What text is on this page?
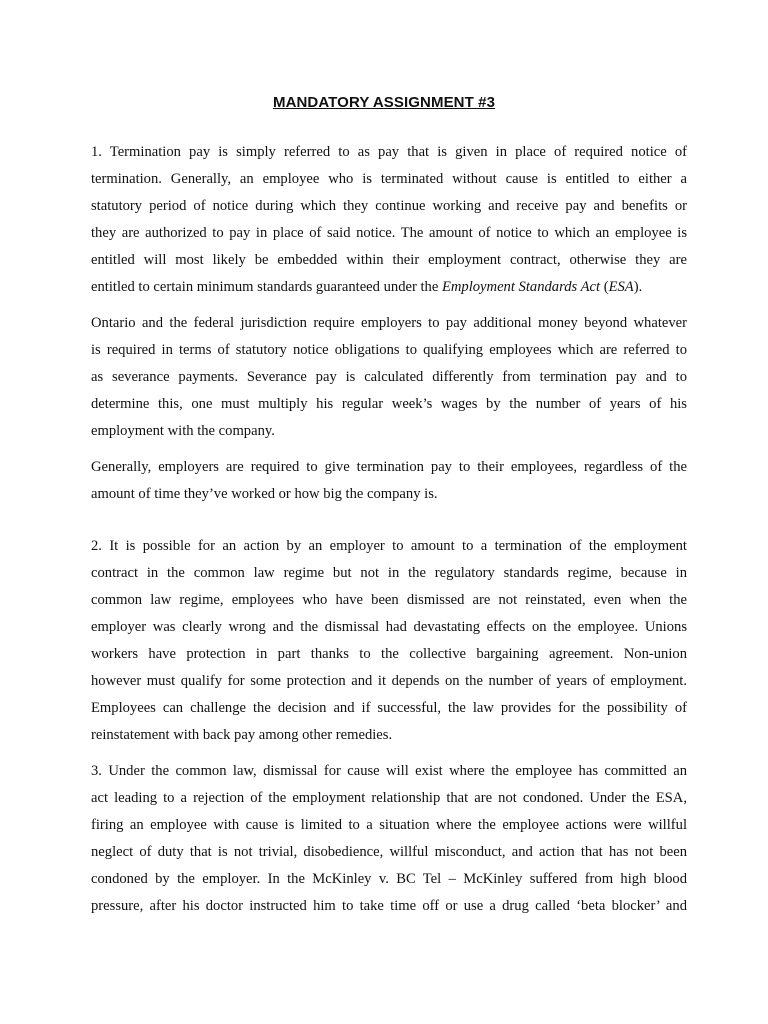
MANDATORY ASSIGNMENT #3
1. Termination pay is simply referred to as pay that is given in place of required notice of
termination. Generally, an employee who is terminated without cause is entitled to either a
statutory period of notice during which they continue working and receive pay and benefits or
they are authorized to pay in place of said notice. The amount of notice to which an employee is
entitled will most likely be embedded within their employment contract, otherwise they are
entitled to certain minimum standards guaranteed under the Employment Standards Act (ESA).
Ontario and the federal jurisdiction require employers to pay additional money beyond whatever
is required in terms of statutory notice obligations to qualifying employees which are referred to
as severance payments. Severance pay is calculated differently from termination pay and to
determine this, one must multiply his regular week’s wages by the number of years of his
employment with the company.
Generally, employers are required to give termination pay to their employees, regardless of the
amount of time they’ve worked or how big the company is.
2. It is possible for an action by an employer to amount to a termination of the employment
contract in the common law regime but not in the regulatory standards regime, because in
common law regime, employees who have been dismissed are not reinstated, even when the
employer was clearly wrong and the dismissal had devastating effects on the employee. Unions
workers have protection in part thanks to the collective bargaining agreement. Non-union
however must qualify for some protection and it depends on the number of years of employment.
Employees can challenge the decision and if successful, the law provides for the possibility of
reinstatement with back pay among other remedies.
3. Under the common law, dismissal for cause will exist where the employee has committed an
act leading to a rejection of the employment relationship that are not condoned. Under the ESA,
firing an employee with cause is limited to a situation where the employee actions were willful
neglect of duty that is not trivial, disobedience, willful misconduct, and action that has not been
condoned by the employer. In the McKinley v. BC Tel – McKinley suffered from high blood
pressure, after his doctor instructed him to take time off or use a drug called ‘beta blocker’ and
